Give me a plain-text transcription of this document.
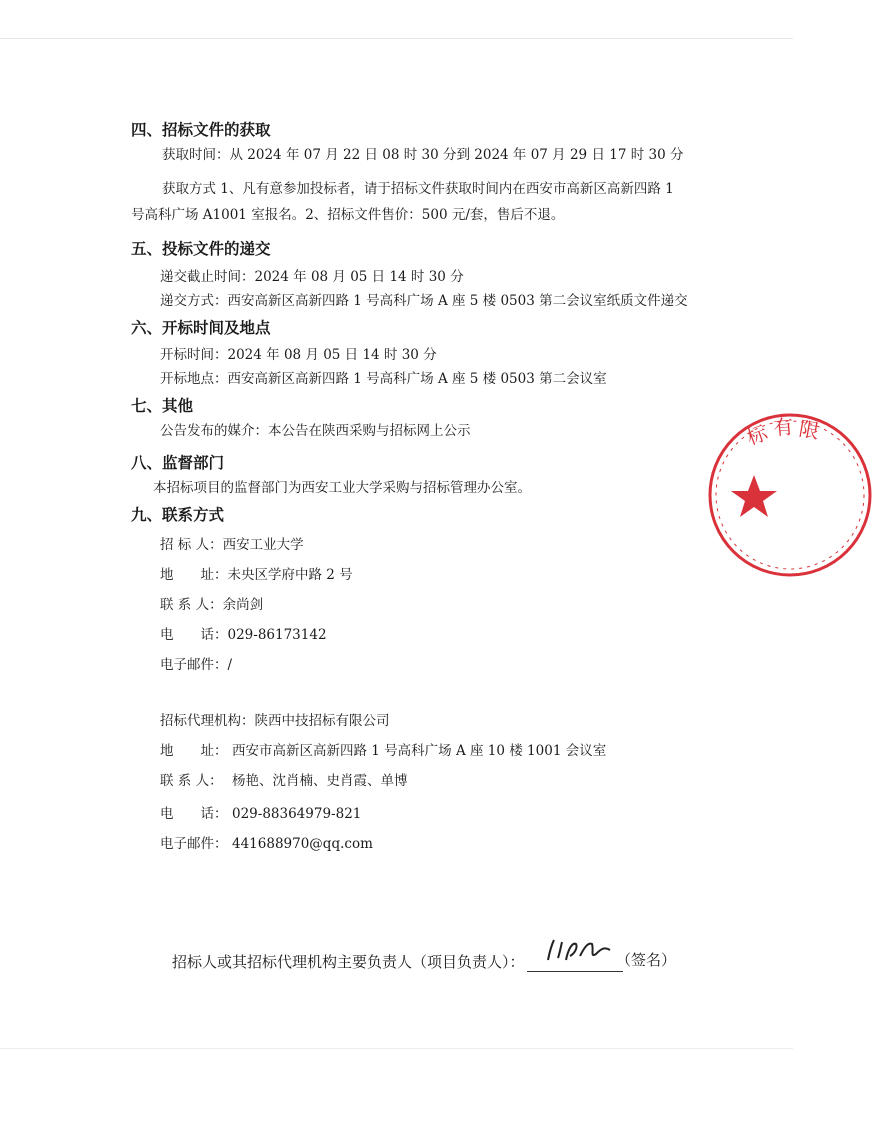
四、招标文件的获取
获取时间：从 2024 年 07 月 22 日 08 时 30 分到 2024 年 07 月 29 日 17 时 30 分
获取方式 1、凡有意参加投标者，请于招标文件获取时间内在西安市高新区高新四路 1
号高科广场 A1001 室报名。2、招标文件售价：500 元/套，售后不退。
五、投标文件的递交
递交截止时间：2024 年 08 月 05 日 14 时 30 分
递交方式：西安高新区高新四路 1 号高科广场 A 座 5 楼 0503 第二会议室纸质文件递交
六、开标时间及地点
开标时间：2024 年 08 月 05 日 14 时 30 分
开标地点：西安高新区高新四路 1 号高科广场 A 座 5 楼 0503 第二会议室
七、其他
公告发布的媒介：本公告在陕西采购与招标网上公示
八、监督部门
本招标项目的监督部门为西安工业大学采购与招标管理办公室。
九、联系方式
招 标 人：西安工业大学
地　　址：未央区学府中路 2 号
联 系 人：余尚剑
电　　话：029-86173142
电子邮件：/
招标代理机构：陕西中技招标有限公司
地　　址： 西安市高新区高新四路 1 号高科广场 A 座 10 楼 1001 会议室
联 系 人： 杨艳、沈肖楠、史肖霞、单博
电　　话： 029-88364979-821
电子邮件： 441688970@qq.com
招标人或其招标代理机构主要负责人（项目负责人）：	（签名）
标 有 限
